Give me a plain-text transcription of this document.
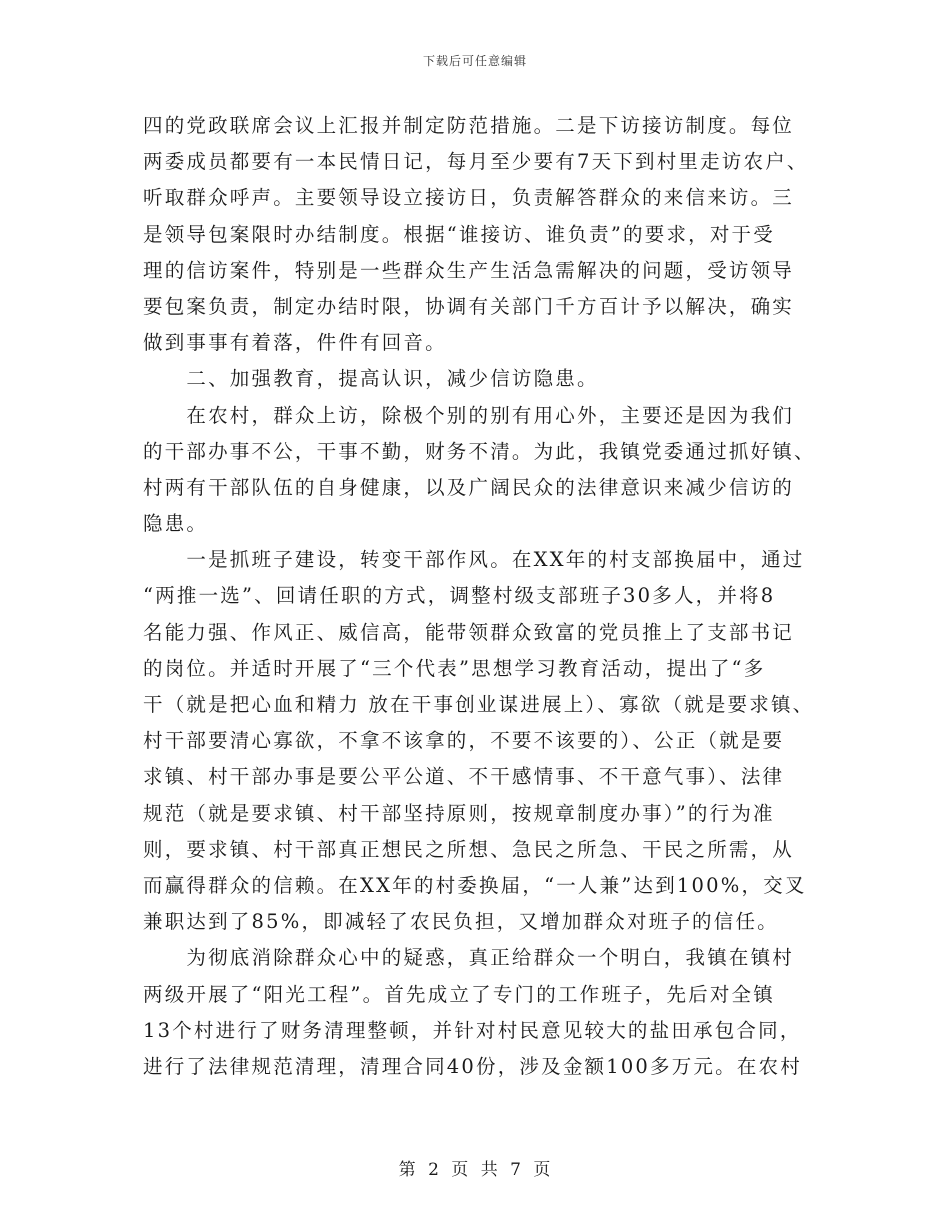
下载后可任意编辑
四的党政联席会议上汇报并制定防范措施。二是下访接访制度。每位
两委成员都要有一本民情日记，每月至少要有7天下到村里走访农户、
听取群众呼声。主要领导设立接访日，负责解答群众的来信来访。三
是领导包案限时办结制度。根据“谁接访、谁负责”的要求，对于受
理的信访案件，特别是一些群众生产生活急需解决的问题，受访领导
要包案负责，制定办结时限，协调有关部门千方百计予以解决，确实
做到事事有着落，件件有回音。
　　二、加强教育，提高认识，减少信访隐患。
　　在农村，群众上访，除极个别的别有用心外，主要还是因为我们
的干部办事不公，干事不勤，财务不清。为此，我镇党委通过抓好镇、
村两有干部队伍的自身健康，以及广阔民众的法律意识来减少信访的
隐患。
　　一是抓班子建设，转变干部作风。在XX年的村支部换届中，通过
“两推一选”、回请任职的方式，调整村级支部班子30多人，并将8
名能力强、作风正、威信高，能带领群众致富的党员推上了支部书记
的岗位。并适时开展了“三个代表”思想学习教育活动，提出了“多
干（就是把心血和精力 放在干事创业谋进展上）、寡欲（就是要求镇、
村干部要清心寡欲，不拿不该拿的，不要不该要的）、公正（就是要
求镇、村干部办事是要公平公道、不干感情事、不干意气事）、法律
规范（就是要求镇、村干部坚持原则，按规章制度办事）”的行为准
则，要求镇、村干部真正想民之所想、急民之所急、干民之所需，从
而赢得群众的信赖。在XX年的村委换届，“一人兼”达到100%，交叉
兼职达到了85%，即减轻了农民负担，又增加群众对班子的信任。
　　为彻底消除群众心中的疑惑，真正给群众一个明白，我镇在镇村
两级开展了“阳光工程”。首先成立了专门的工作班子，先后对全镇
13个村进行了财务清理整顿，并针对村民意见较大的盐田承包合同，
进行了法律规范清理，清理合同40份，涉及金额100多万元。在农村
第 2 页 共 7 页
